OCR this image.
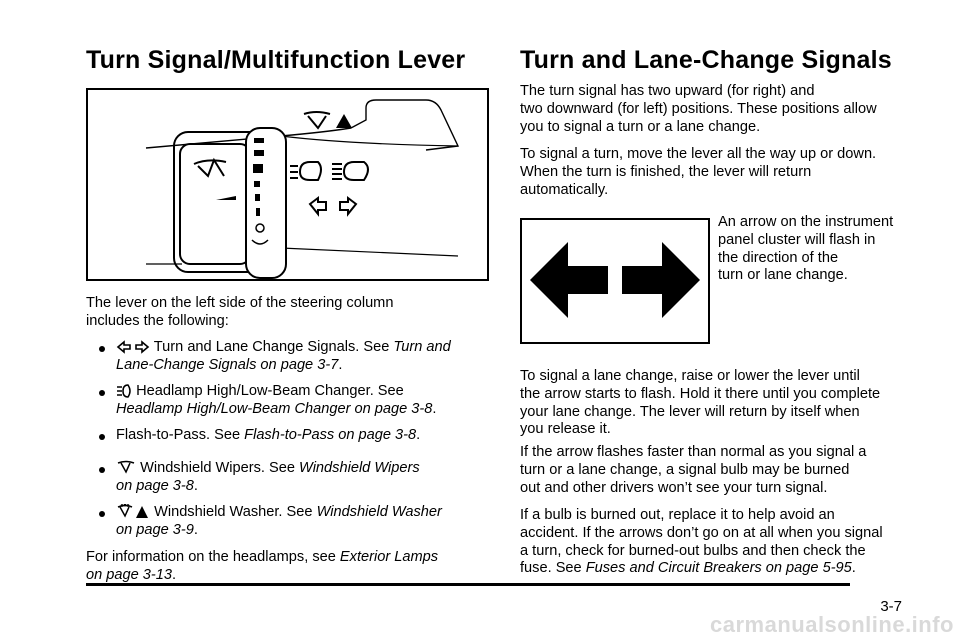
Turn Signal/Multifunction Lever
The lever on the left side of the steering column
includes the following:
Turn and Lane Change Signals. See Turn and
Lane-Change Signals on page 3-7.
Headlamp High/Low-Beam Changer. See
Headlamp High/Low-Beam Changer on page 3-8.
Flash-to-Pass. See Flash-to-Pass on page 3-8.
Windshield Wipers. See Windshield Wipers
on page 3-8.
Windshield Washer. See Windshield Washer
on page 3-9.
For information on the headlamps, see Exterior Lamps
on page 3-13.
Turn and Lane-Change Signals
The turn signal has two upward (for right) and
two downward (for left) positions. These positions allow
you to signal a turn or a lane change.
To signal a turn, move the lever all the way up or down.
When the turn is finished, the lever will return
automatically.
An arrow on the instrument
panel cluster will flash in
the direction of the
turn or lane change.
To signal a lane change, raise or lower the lever until
the arrow starts to flash. Hold it there until you complete
your lane change. The lever will return by itself when
you release it.
If the arrow flashes faster than normal as you signal a
turn or a lane change, a signal bulb may be burned
out and other drivers won’t see your turn signal.
If a bulb is burned out, replace it to help avoid an
accident. If the arrows don’t go on at all when you signal
a turn, check for burned-out bulbs and then check the
fuse. See Fuses and Circuit Breakers on page 5-95.
3-7
carmanualsonline.info
